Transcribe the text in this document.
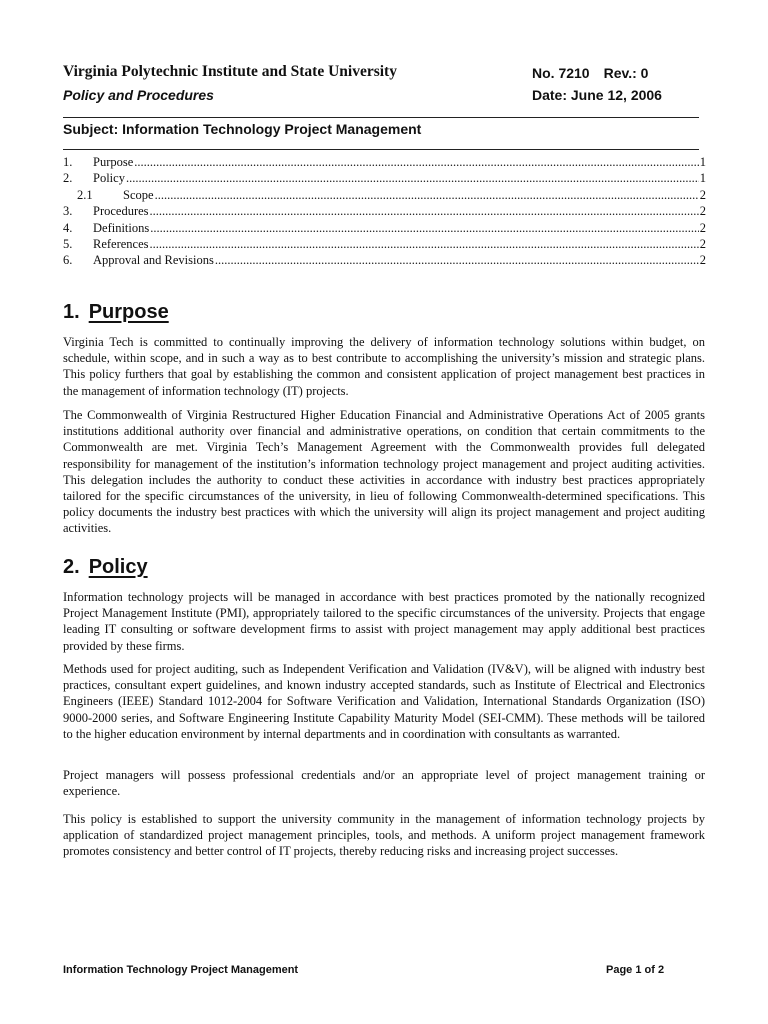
Virginia Polytechnic Institute and State University
Policy and Procedures
No. 7210 Rev.: 0
Date: June 12, 2006
Subject: Information Technology Project Management
1.	Purpose .....	1
2.	Policy .....	1
2.1	Scope .....	2
3.	Procedures .....	2
4.	Definitions .....	2
5.	References .....	2
6.	Approval and Revisions .....	2
1. Purpose

Virginia Tech is committed to continually improving the delivery of information technology solutions within budget, on schedule, within scope, and in such a way as to best contribute to accomplishing the university’s mission and strategic plans. This policy furthers that goal by establishing the common and consistent application of project management best practices in the management of information technology (IT) projects.

The Commonwealth of Virginia Restructured Higher Education Financial and Administrative Operations Act of 2005 grants institutions additional authority over financial and administrative operations, on condition that certain commitments to the Commonwealth are met. Virginia Tech’s Management Agreement with the Commonwealth provides full delegated responsibility for management of the institution’s information technology project management and project auditing activities. This delegation includes the authority to conduct these activities in accordance with industry best practices appropriately tailored for the specific circumstances of the university, in lieu of following Commonwealth-determined specifications. This policy documents the industry best practices with which the university will align its project management and project auditing activities.

2. Policy

Information technology projects will be managed in accordance with best practices promoted by the nationally recognized Project Management Institute (PMI), appropriately tailored to the specific circumstances of the university. Projects that engage leading IT consulting or software development firms to assist with project management may apply additional best practices provided by these firms.

Methods used for project auditing, such as Independent Verification and Validation (IV&V), will be aligned with industry best practices, consultant expert guidelines, and known industry accepted standards, such as Institute of Electrical and Electronics Engineers (IEEE) Standard 1012-2004 for Software Verification and Validation, International Standards Organization (ISO) 9000-2000 series, and Software Engineering Institute Capability Maturity Model (SEI-CMM). These methods will be tailored to the higher education environment by internal departments and in coordination with consultants as warranted.

Project managers will possess professional credentials and/or an appropriate level of project management training or experience.

This policy is established to support the university community in the management of information technology projects by application of standardized project management principles, tools, and methods. A uniform project management framework promotes consistency and better control of IT projects, thereby reducing risks and increasing project successes.

Information Technology Project Management	Page 1 of 2
